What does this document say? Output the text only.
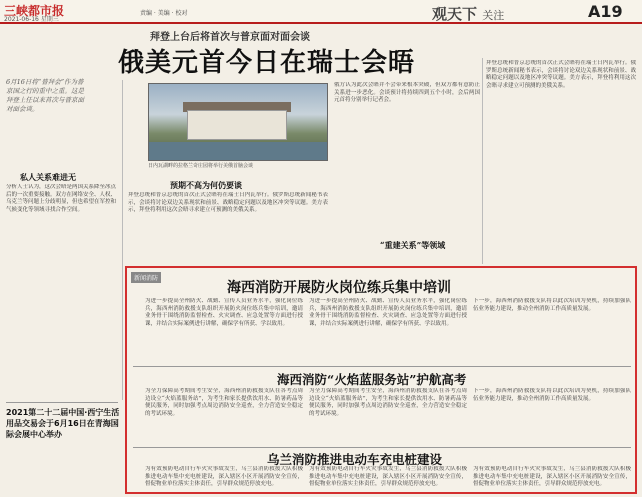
三峡都市报
2021-06-16 星期三
责编 · 美编 · 校对	观天下 关注	A19
拜登上台后将首次与普京面对面会谈
俄美元首今日在瑞士会晤
6月16日将“普拜会”作为普京国之行的重中之重。这是拜登上任以来首次与普京面对面会谈。
日内瓦湖畔的拉格兰奇庄园将举行美俄首脑会谈
私人关系难进无
分析人士认为，这次会晤是两国关系降至冰点后的一次重要接触。双方在网络安全、人权、乌克兰等问题上分歧明显，但也希望在军控和气候变化等领域寻找合作空间。
预期不高为何仍要谈
拜登总统和普京总统的首次正式会晤将在瑞士日内瓦举行。俄罗斯总统新闻秘书表示，会谈将讨论双边关系现状和前景、战略稳定问题以及地区冲突等议题。美方表示，拜登将利用这次会晤寻求建立可预测的美俄关系。
俄方认为此次会晤并不会带来根本突破，但双方都有意防止关系进一步恶化。会谈预计将持续四到五个小时，会后两国元首将分别举行记者会。
“重建关系”等领域
拜登总统和普京总统的首次正式会晤将在瑞士日内瓦举行。俄罗斯总统新闻秘书表示，会谈将讨论双边关系现状和前景、战略稳定问题以及地区冲突等议题。美方表示，拜登将利用这次会晤寻求建立可预测的美俄关系。
2021第二十二届中国·西宁生活用品交易会于6月16日在青海国际会展中心举办
新闻消防
海西消防开展防火岗位练兵集中培训
为进一步提高全州防火、战勤、宣传人员业务水平，强化岗位练兵，海西州消防救援支队组织开展防火岗位练兵集中培训，邀请业务骨干围绕消防监督检查、火灾调查、应急处置等方面进行授课，并结合实际案例进行讲解，确保学有所获、学以致用。
为进一步提高全州防火、战勤、宣传人员业务水平，强化岗位练兵，海西州消防救援支队组织开展防火岗位练兵集中培训，邀请业务骨干围绕消防监督检查、火灾调查、应急处置等方面进行授课，并结合实际案例进行讲解，确保学有所获、学以致用。
下一步，海西州消防救援支队将以此次培训为契机，持续加强队伍业务能力建设，推动全州消防工作高质量发展。
海西消防“火焰蓝服务站”护航高考
为全力保障高考期间考生安全，海西州消防救援支队在各考点周边设立“火焰蓝服务站”，为考生和家长提供饮用水、防暑药品等便民服务，同时加强考点周边消防安全巡查，全力营造安全稳定的考试环境。
为全力保障高考期间考生安全，海西州消防救援支队在各考点周边设立“火焰蓝服务站”，为考生和家长提供饮用水、防暑药品等便民服务，同时加强考点周边消防安全巡查，全力营造安全稳定的考试环境。
下一步，海西州消防救援支队将以此次培训为契机，持续加强队伍业务能力建设，推动全州消防工作高质量发展。
乌兰消防推进电动车充电桩建设
为有效预防电动自行车火灾事故发生，乌兰县消防救援大队积极推进电动车集中充电桩建设，深入辖区小区开展消防安全宣传，督促物业单位落实主体责任，引导群众规范停放充电。
为有效预防电动自行车火灾事故发生，乌兰县消防救援大队积极推进电动车集中充电桩建设，深入辖区小区开展消防安全宣传，督促物业单位落实主体责任，引导群众规范停放充电。
为有效预防电动自行车火灾事故发生，乌兰县消防救援大队积极推进电动车集中充电桩建设，深入辖区小区开展消防安全宣传，督促物业单位落实主体责任，引导群众规范停放充电。
